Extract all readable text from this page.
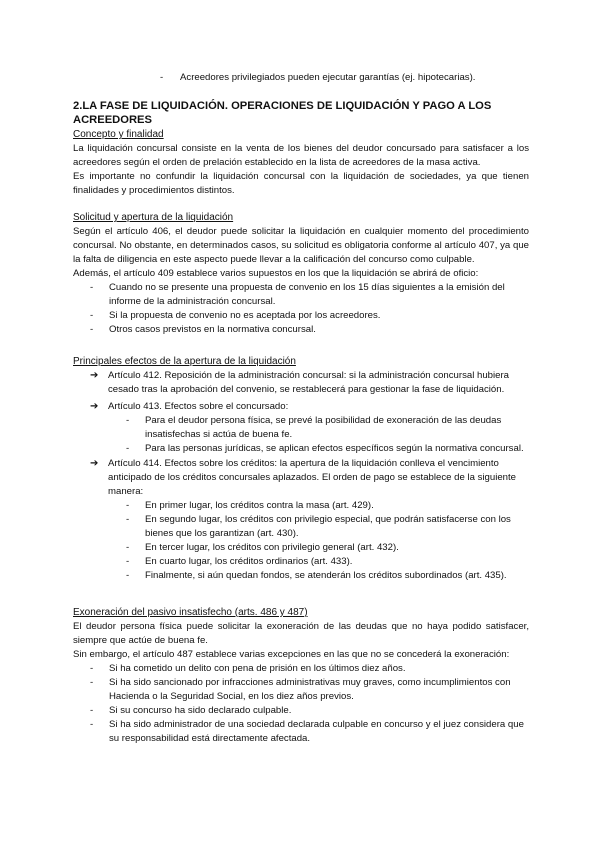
- Acreedores privilegiados pueden ejecutar garantías (ej. hipotecarias).
2.LA FASE DE LIQUIDACIÓN. OPERACIONES DE LIQUIDACIÓN Y PAGO A LOS ACREEDORES
Concepto y finalidad

La liquidación concursal consiste en la venta de los bienes del deudor concursado para satisfacer a los acreedores según el orden de prelación establecido en la lista de acreedores de la masa activa.

Es importante no confundir la liquidación concursal con la liquidación de sociedades, ya que tienen finalidades y procedimientos distintos.

Solicitud y apertura de la liquidación

Según el artículo 406, el deudor puede solicitar la liquidación en cualquier momento del procedimiento concursal. No obstante, en determinados casos, su solicitud es obligatoria conforme al artículo 407, ya que la falta de diligencia en este aspecto puede llevar a la calificación del concurso como culpable.

Además, el artículo 409 establece varios supuestos en los que la liquidación se abrirá de oficio:

- Cuando no se presente una propuesta de convenio en los 15 días siguientes a la emisión del informe de la administración concursal.
- Si la propuesta de convenio no es aceptada por los acreedores.
- Otros casos previstos en la normativa concursal.
Principales efectos de la apertura de la liquidación
➔ Artículo 412. Reposición de la administración concursal: si la administración concursal hubiera cesado tras la aprobación del convenio, se restablecerá para gestionar la fase de liquidación.
➔ Artículo 413. Efectos sobre el concursado:
- Para el deudor persona física, se prevé la posibilidad de exoneración de las deudas insatisfechas si actúa de buena fe.
- Para las personas jurídicas, se aplican efectos específicos según la normativa concursal.
➔ Artículo 414. Efectos sobre los créditos: la apertura de la liquidación conlleva el vencimiento anticipado de los créditos concursales aplazados. El orden de pago se establece de la siguiente manera:
- En primer lugar, los créditos contra la masa (art. 429).
- En segundo lugar, los créditos con privilegio especial, que podrán satisfacerse con los bienes que los garantizan (art. 430).
- En tercer lugar, los créditos con privilegio general (art. 432).
- En cuarto lugar, los créditos ordinarios (art. 433).
- Finalmente, si aún quedan fondos, se atenderán los créditos subordinados (art. 435).
Exoneración del pasivo insatisfecho (arts. 486 y 487)

El deudor persona física puede solicitar la exoneración de las deudas que no haya podido satisfacer, siempre que actúe de buena fe.

Sin embargo, el artículo 487 establece varias excepciones en las que no se concederá la exoneración:

- Si ha cometido un delito con pena de prisión en los últimos diez años.
- Si ha sido sancionado por infracciones administrativas muy graves, como incumplimientos con Hacienda o la Seguridad Social, en los diez años previos.
- Si su concurso ha sido declarado culpable.
- Si ha sido administrador de una sociedad declarada culpable en concurso y el juez considera que su responsabilidad está directamente afectada.
